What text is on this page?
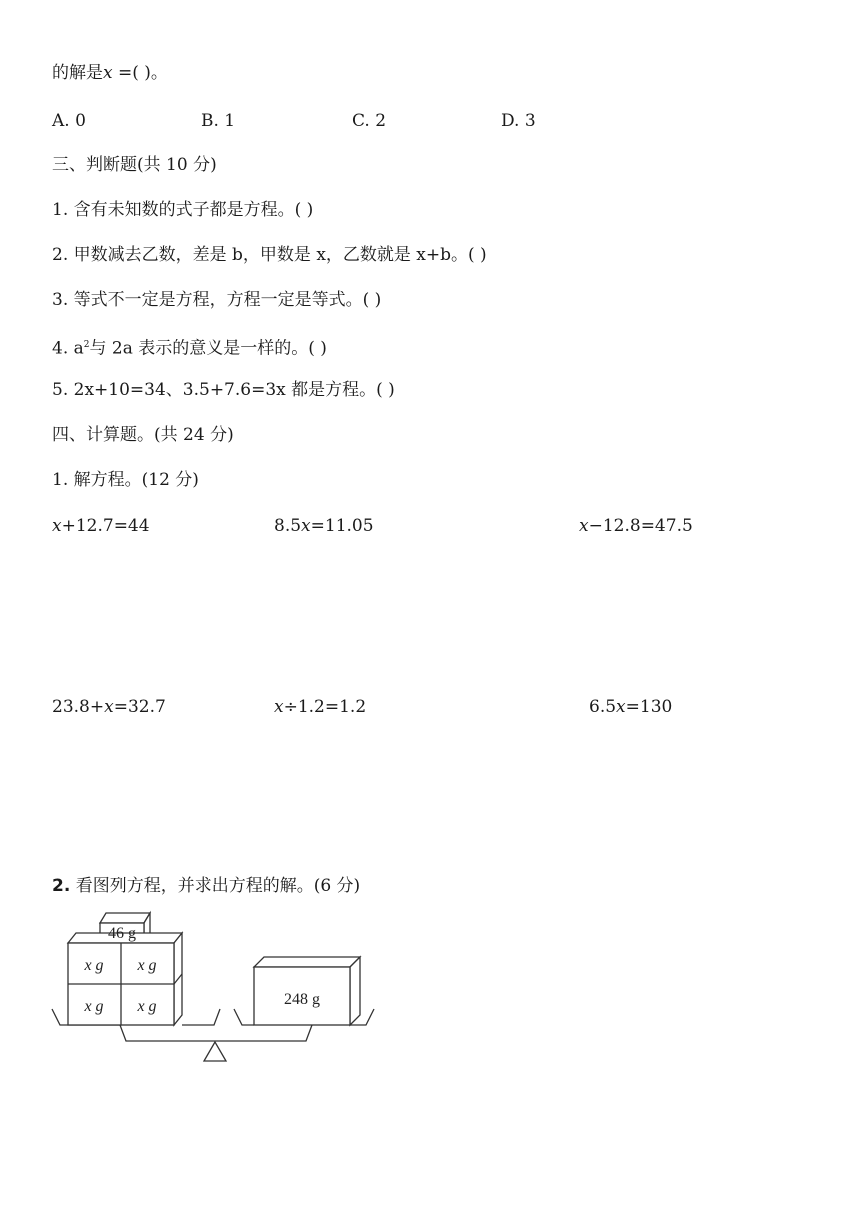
的解是x =( )。
A. 0	B. 1	C. 2	D. 3
三、判断题(共 10 分)
1. 含有未知数的式子都是方程。( )
2. 甲数减去乙数，差是 b，甲数是 x，乙数就是 x+b。( )
3. 等式不一定是方程，方程一定是等式。( )
4. $a^2$与 2a 表示的意义是一样的。( )
5. 2x+10=34、3.5+7.6=3x 都是方程。( )
四、计算题。(共 24 分)
1. 解方程。(12 分)
x+12.7=44	8.5x=11.05	x−12.8=47.5
23.8+x=32.7	x÷1.2=1.2	6.5x=130
2. 看图列方程，并求出方程的解。(6 分)
46 g
x g x g
x g x g	248 g
